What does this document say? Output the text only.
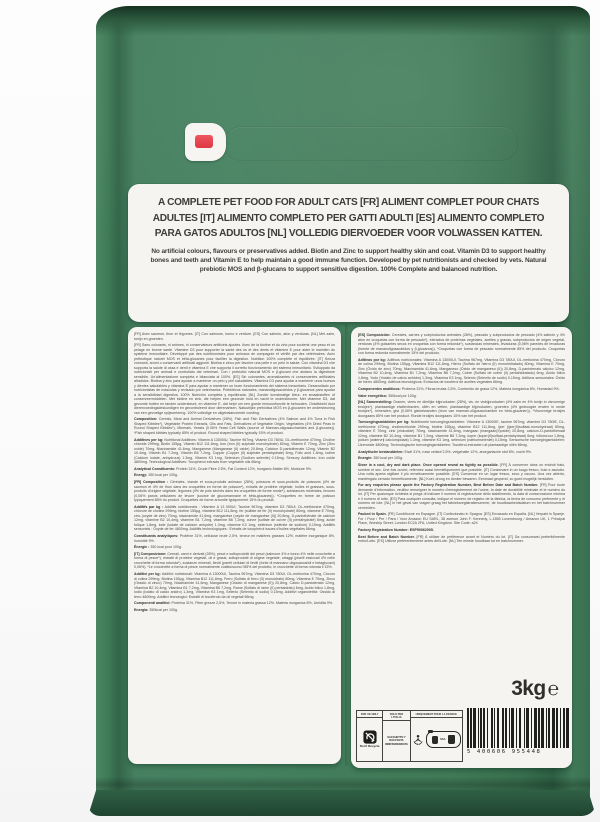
A COMPLETE PET FOOD FOR ADULT CATS [FR] ALIMENT COMPLET POUR CHATS ADULTES [IT] ALIMENTO COMPLETO PER GATTI ADULTI [ES] ALIMENTO COMPLETO PARA GATOS ADULTOS [NL] VOLLEDIG DIERVOEDER VOOR VOLWASSEN KATTEN.

No artificial colours, flavours or preservatives added. Biotin and Zinc to support healthy skin and coat. Vitamin D3 to support healthy bones and teeth and Vitamin E to help maintain a good immune function. Developed by pet nutritionists and checked by vets. Natural prebiotic MOS and β-glucans to support sensitive digestion. 100% Complete and balanced nutrition.

[FR] Avec saumon, thon et légumes. [IT] Con salmone, tonno e verdure. [ES] Con salmón, atún y verduras. [NL] Met zalm, tonijn en groenten.

[FR] Sans colorants, ni arômes, ni conservateurs artificiels ajoutés. Avec de la biotine et du zinc pour soutenir une peau et un pelage en bonne santé. Vitamine D3 pour supporter la santé des os et des dents et vitamine E pour aider le maintien du système immunitaire. Développé par des nutritionnistes pour animaux de compagnie et vérifié par des vétérinaires. Avec prébiotique naturel MOS et bêta-glucanes pour faciliter la digestion. Nutrition 100% complète et équilibrée. [IT] Senza coloranti, aromi o conservanti artificiali aggiunti. Biotina e zinco per favorire una pelle e un pelo in salute. Con vitamina D3 che supporta la salute di ossa e denti e vitamina E che supporta il corretto funzionamento del sistema immunitario. Sviluppato da nutrizionisti per animali e controllato dai veterinari. Con i prebiotici naturali MOS e β-glucani che aiutano la digestione sensibile. Un'alimentazione completa e bilanciata al 100%. [ES] Sin colorantes, aromatizantes ni conservantes artificiales añadidos. Biotina y zinc para ayudar a mantener un pelo y piel saludables. Vitamina D3 para ayudar a mantener unos huesos y dientes saludables y vitamina E para ayudar a mantener un buen funcionamiento del sistema inmunitario. Desarrollado por nutricionistas de mascotas y revisado por veterinarios. Prebióticos naturales, mananoligosacáridos y β-glucanos para ayudar a la sensibilidad digestiva. 100% Nutrición completa y equilibrada. [NL] Zonder kunstmatige kleur- en smaakstoffen of conserveermiddelen. Met biotine en zink, die helpen een gezonde huid en vacht te ondersteunen. Met vitamine D3, dat gezonde botten en tanden ondersteunt, en vitamine E, dat helpt om een goede immuunfunctie te behouden. Ontwikkeld door dierenvoedingsdeskundigen en gecontroleerd door dierenartsen. Natuurlijke prebiotica MOS en β-glucanen ter ondersteuning van een gevoelige spijsvertering. 100% volledige en uitgebalanceerde voeding.

Composition: Cereals, Meat and Animal Derivatives (28%), Fish and Fish Derivatives (4% Salmon and 4% Tuna in Fish Shaped Kibbles*), Vegetable Protein Extracts, Oils and Fats, Derivatives of Vegetable Origin, Vegetables (4% Dried Peas in Round Shaped Kibbles*), Minerals, Yeasts (0.06% Yeast Cell Walls (source of Mannan-oligosaccharides and β-glucans)). *Fish shaped kibbles typically 85% of product. Round shaped kibbles typically 15% of product.

Additives per kg: Nutritional Additives: Vitamin A 13000IU, Taurine 967mg, Vitamin D3 780IU, DL-methionine 470mg, Choline chloride 299mg, Biotin 155µg, Vitamin B12 111.8mg, Iron (Iron (II) sulphate monohydrate) 80mg, Vitamin E 70mg, Zinc (Zinc oxide) 70mg, Niacinamide 41.6mg, Manganese (Manganese (II) oxide) 20.8mg, Calcium D-pantothenate 12mg, Vitamin B2 10.4mg, Vitamin B1 7.2mg, Vitamin B6 7.2mg, Copper (Copper (II) sulphate pentahydrate) 6mg, Folic acid 1.8mg, Iodine (Calcium iodate, anhydrous) 1.3mg, Vitamin K3 1mg, Selenium (Sodium selenite) 0.15mg. Sensory Additives: Iron oxide 4800mg. Technological Additives: Tocopherol extracts from vegetable oils 66mg.

Analytical Constituents: Protein 31%, Crude Fibre 2.5%, Fat Content 12%, Inorganic Matter 8%, Moisture 9%.

Energy: 350 kcal per 100g.

[FR] Composition : Céréales, viande et sous-produits animaux (28%), poissons et sous-produits de poissons (4% de saumon et 4% de thon dans les croquettes en forme de poisson*), extraits de protéine végétale, huiles et graisses, sous-produits d'origine végétale, légumes (4% de pois séchés dans les croquettes de forme ronde*), substances minérales, levures (0,06% parois cellulaires de levure (source de glucomannane et bêta-glucanes)). *Croquettes en forme de poisson typiquement 85% du produit. Croquettes de forme arrondie typiquement 15% du produit.

Additifs par kg : Additifs nutritionnels : Vitamine A 13 000UI, Taurine 967mg, vitamine D3 780UI, DL-méthionine 470mg, chlorure de choline 299mg, biotine 155µg, vitamine B12 111,8mg, fer (sulfate de fer (II) monohydraté) 80mg, vitamine E 70mg, zinc (oxyde de zinc) 70mg, niacinamide 41,6mg, manganèse (oxyde de manganèse (II)) 20,8mg, D-pantothénate de calcium 12mg, vitamine B2 10,4mg, vitamine B1 7,2mg, vitamine B6 7,2mg, cuivre (sulfate de cuivre (II) pentahydraté) 6mg, acide folique 1,8mg, iode (iodate de calcium anhydre) 1,3mg, vitamine K3 1mg, sélénium (sélénite de sodium) 0,15mg. Additifs sensoriels : Oxyde de fer 4800mg. Additifs technologiques : Extraits de tocophérol issues d'huiles végétales 66mg.

Constituants analytiques: Protéine 31%, cellulose brute 2,5%, teneur en matières grasses 12%, matière inorganique 8%, humidité 9%.

Énergie : 350 kcal pour 100g.

[IT] Composizione: Cereali, carni e derivati (28%), pesci e sottoprodotti dei pesci (salmone 4% e tonno 4% nelle crocchette a forma di pesce*), estratti di proteine vegetali, oli e grassi, sottoprodotti di origine vegetale, ortaggi (piselli essiccati 4% nelle crocchette di forma rotonda*), sostanze minerali, lieviti (pareti cellulari di lieviti (fonte di mannano oligosaccaridi e betaglucani) 0,06%). *Le crocchette a forma di pesce normalmente costituiscono l'85% del prodotto, le crocchette di forma rotonda il 15%.

Additivi per kg: Additivi nutrizionali: Vitamina A 13000UI, Taurina 967mg, Vitamina D3 780UI, DL-metionina 470mg, Cloruro di colina 299mg, Biotina 155µg, Vitamina B12 111,8mg, Ferro (Solfato di ferro (II) monoidrato) 80mg, Vitamina E 70mg, Zinco (Ossido di zinco) 70mg, Niacinamide 41,6mg, Manganese (Ossido di manganese (II)) 20,8mg, Calcio D-pantotenato 12mg, Vitamina B2 10,4mg, Vitamina B1 7,2mg, Vitamina B6 7,2mg, Rame (Solfato di rame (II) pentaidrato) 6mg, Acido folico 1,8mg, Iodio (Iodato di calcio anidro) 1,3mg, Vitamina K3 1mg, Selenio (Selenito di sodio) 0,15mg. Additivi organolettici: Ossido di ferro 4800mg. Additivi tecnologici: Estratti di tocoferolo da oli vegetali 66mg.

Componenti analitici: Proteina 31%, Fibre grezze 2,5%, Tenore in materia grassa 12%, Materia inorganica 8%, Umidità 9%.

Energia: 350kcal per 100g.

[ES] Composición: Cereales, carnes y subproductos animales (28%), pescado y subproductos de pescado (4% salmón y 4% atún en croquetas con forma de pescado*), extractos de proteínas vegetales, aceites y grasas, subproductos de origen vegetal, verduras (4% guisantes secos en croquetas con forma redonda*), sustancias minerales, levaduras (0,06% paredes de levaduras (fuente de mananoligosacáridos y β-glucanos)). *Croquetas con forma de pescado normalmente 85% del producto. Croquetas con forma redonda normalmente 15% del producto.

Aditivos por kg: Aditivos nutricionales: Vitamina A 13000UI, Taurina 967mg, Vitamina D3 780UI, DL-metionina 470mg, Cloruro de colina 299mg, Biotina 155µg, Vitamina B12 111,8mg, Hierro (Sulfato de hierro (II) monohidratado) 80mg, Vitamina E 70mg, Zinc (Óxido de zinc) 70mg, Niacinamida 41,6mg, Manganeso (Óxido de manganeso (II)) 20,8mg, D-pantotenato cálcico 12mg, Vitamina B2 10,4mg, Vitamina B1 7,2mg, Vitamina B6 7,2mg, Cobre (Sulfato de cobre (II) pentahidratado) 6mg, Ácido fólico 1,8mg, Yodo (Yodato de calcio anhidro) 1,3mg, Vitamina K3 1mg, Selenio (Selenito de sodio) 0,15mg. Aditivos sensoriales: Óxido de hierro 4800mg. Aditivos tecnológicos: Extractos de tocoferol de aceites vegetales 66mg.

Componentes analíticos: Proteína 31%, Fibras brutas 2,5%, Contenido de grasa 12%, Materia inorgánica 8%, Humedad 9%.

Valor energético: 350kcal por 100g.

[NL] Samenstelling: Granen, vlees en dierlijke bijproducten (28%), vis- en visbijproducten (4% zalm en 4% tonijn in visvormige brokjes*), plantaardige eiwitextracten, oliën en vetten, plantaardige bijproducten, groenten (4% gedroogde erwten in ronde brokjes*), mineralen, gist (0,06% gistcelwanden (bron van mannan-oligosacchariden en bèta-glucanen)). *Visvormige brokjes doorgaans 85% van het product. Ronde brokjes doorgaans 15% van het product.

Toevoegingsmiddelen per kg: Nutritionele toevoegingsmiddelen: Vitamine A 13000IE, taurine 967mg, vitamine D3 780IE, DL-methionine 470mg, cholinechloride 299mg, biotine 155µg, vitamine B12 111,8mg, ijzer (ijzer(II)sulfaat-monohydraat) 80mg, vitamine E 70mg, zink (zinkoxide) 70mg, niacinamide 41,6mg, mangaan (mangaan(II)oxide) 20,8mg, calcium-D-pantothenaat 12mg, vitamine B2 10,4mg, vitamine B1 7,2mg, vitamine B6 7,2mg, koper (koper(II)sulfaat-pentahydraat) 6mg, foliumzuur 1,8mg, jodium (watervrij calciumjodaat) 1,3mg, vitamine K3 1mg, selenium (natriumseleniet) 0,15mg. Sensorische toevoegingsmiddelen: IJzeroxide 4800mg. Technologische toevoegingsmiddelen: Tocoferol-extracten uit plantaardige oliën 66mg.

Analytische bestanddelen: Eiwit 31%, ruwe celstof 2,5%, vetgehalte 12%, anorganische stof 8%, vocht 9%.

Energie: 350 kcal per 100g.

Store in a cool, dry and dark place. Once opened reseal as tightly as possible. [FR] À conserver dans un endroit frais, sombre et sec. Une fois ouvert, refermez aussi hermétiquement que possible. [IT] Conservare in un luogo fresco, buio e asciutto. Una volta aperta sigillare il più ermeticamente possibile. [ES] Conservar en un lugar fresco, seco y oscuro. Una vez abierto, manténgalo cerrado herméticamente. [NL] Koel, droog en donker bewaren. Eenmaal geopend, zo goed mogelijk hersluiten.

For any enquiries please quote the Factory Registration Number, Best Before Date and Batch Number. [FR] Pour toute demande d'information, veuillez renseigner le numéro d'enregistrement de l'usine, la date de durabilité minimale et le numéro du lot. [IT] Per qualunque richiesta si prega di indicare il numero di registrazione dello stabilimento, la data di conservazione minima e il numero di lotto. [ES] Para cualquier consulta, indique el número de registro de la fábrica, la fecha de consumo preferente y el número de lote. [NL] In het geval van vragen graag het fabrieksregistratienummer, de houdbaarheidsdatum en het batchnummer vermelden.

Packed in Spain. [FR] Conditionné en Espagne. [IT] Confezionato in Spagna. [ES] Envasado en España. [NL] Verpakt in Spanje. For / Pour / Per / Para / Voor Amazon EU SARL, 38 avenue John F. Kennedy, L-1855 Luxembourg / Amazon UK, 1 Principal Place, Worship Street, London EC2A 2FA, United Kingdom. Site Code: a24

Factory Registration Number: ESP50062005.

Best Before and Batch Number. [FR] À utiliser de préférence avant et Numéro du lot. [IT] Da consumarsi preferibilmente entro/Lotto. [ES] Utilizar preferentemente antes del/Lote. [NL] Ten minste houdbaar tot en batchnummer.

3kg ℮
FOR UK ONLY
Don't Recycle
SOLO PER L'ITALIA
SACCHETTO 7 RACCOLTA INDIFFERENZIATA
UNIQUEMENT POUR LA FRANCE
SAC
5 400606 955448
